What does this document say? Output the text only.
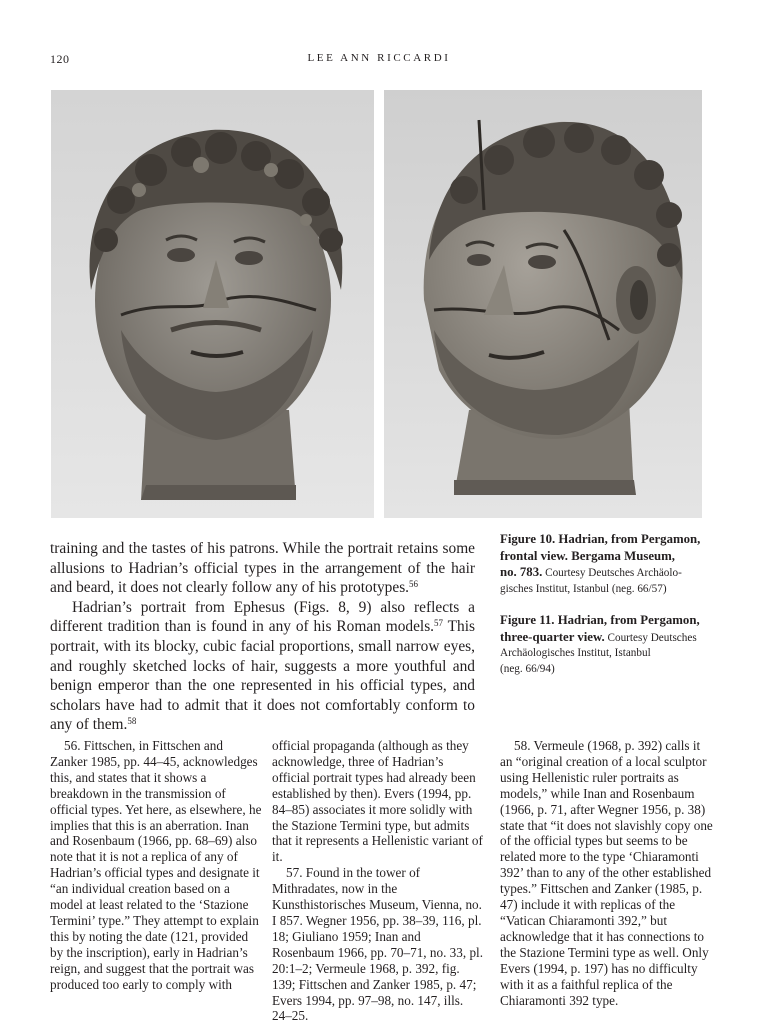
120	LEE ANN RICCARDI

training and the tastes of his patrons. While the portrait retains some allusions to Hadrian’s official types in the arrangement of the hair and beard, it does not clearly follow any of his prototypes.$^{56}$

Hadrian’s portrait from Ephesus (Figs. 8, 9) also reflects a different tradition than is found in any of his Roman models.$^{57}$ This portrait, with its blocky, cubic facial proportions, small narrow eyes, and roughly sketched locks of hair, suggests a more youthful and benign emperor than the one represented in his official types, and scholars have had to admit that it does not comfortably conform to any of them.$^{58}$

Figure 10. Hadrian, from Pergamon,
frontal view. Bergama Museum,
no. 783. Courtesy Deutsches Archäolo-
gisches Institut, Istanbul (neg. 66/57)
Figure 11. Hadrian, from Pergamon,
three-quarter view. Courtesy Deutsches
Archäologisches Institut, Istanbul
(neg. 66/94)

56. Fittschen, in Fittschen and Zanker 1985, pp. 44–45, acknowledges this, and states that it shows a breakdown in the transmission of official types. Yet here, as elsewhere, he implies that this is an aberration. Inan and Rosenbaum (1966, pp. 68–69) also note that it is not a replica of any of Hadrian’s official types and designate it “an individual creation based on a model at least related to the ‘Stazione Termini’ type.” They attempt to explain this by noting the date (121, provided by the inscription), early in Hadrian’s reign, and suggest that the portrait was produced too early to comply with

official propaganda (although as they acknowledge, three of Hadrian’s official portrait types had already been established by then). Evers (1994, pp. 84–85) associates it more solidly with the Stazione Termini type, but admits that it represents a Hellenistic variant of it.

57. Found in the tower of Mithradates, now in the Kunsthistorisches Museum, Vienna, no. I 857. Wegner 1956, pp. 38–39, 116, pl. 18; Giuliano 1959; Inan and Rosenbaum 1966, pp. 70–71, no. 33, pl. 20:1–2; Vermeule 1968, p. 392, fig. 139; Fittschen and Zanker 1985, p. 47; Evers 1994, pp. 97–98, no. 147, ills. 24–25.

58. Vermeule (1968, p. 392) calls it an “original creation of a local sculptor using Hellenistic ruler portraits as models,” while Inan and Rosenbaum (1966, p. 71, after Wegner 1956, p. 38) state that “it does not slavishly copy one of the official types but seems to be related more to the type ‘Chiaramonti 392’ than to any of the other established types.” Fittschen and Zanker (1985, p. 47) include it with replicas of the “Vatican Chiaramonti 392,” but acknowledge that it has connections to the Stazione Termini type as well. Only Evers (1994, p. 197) has no difficulty with it as a faithful replica of the Chiaramonti 392 type.
